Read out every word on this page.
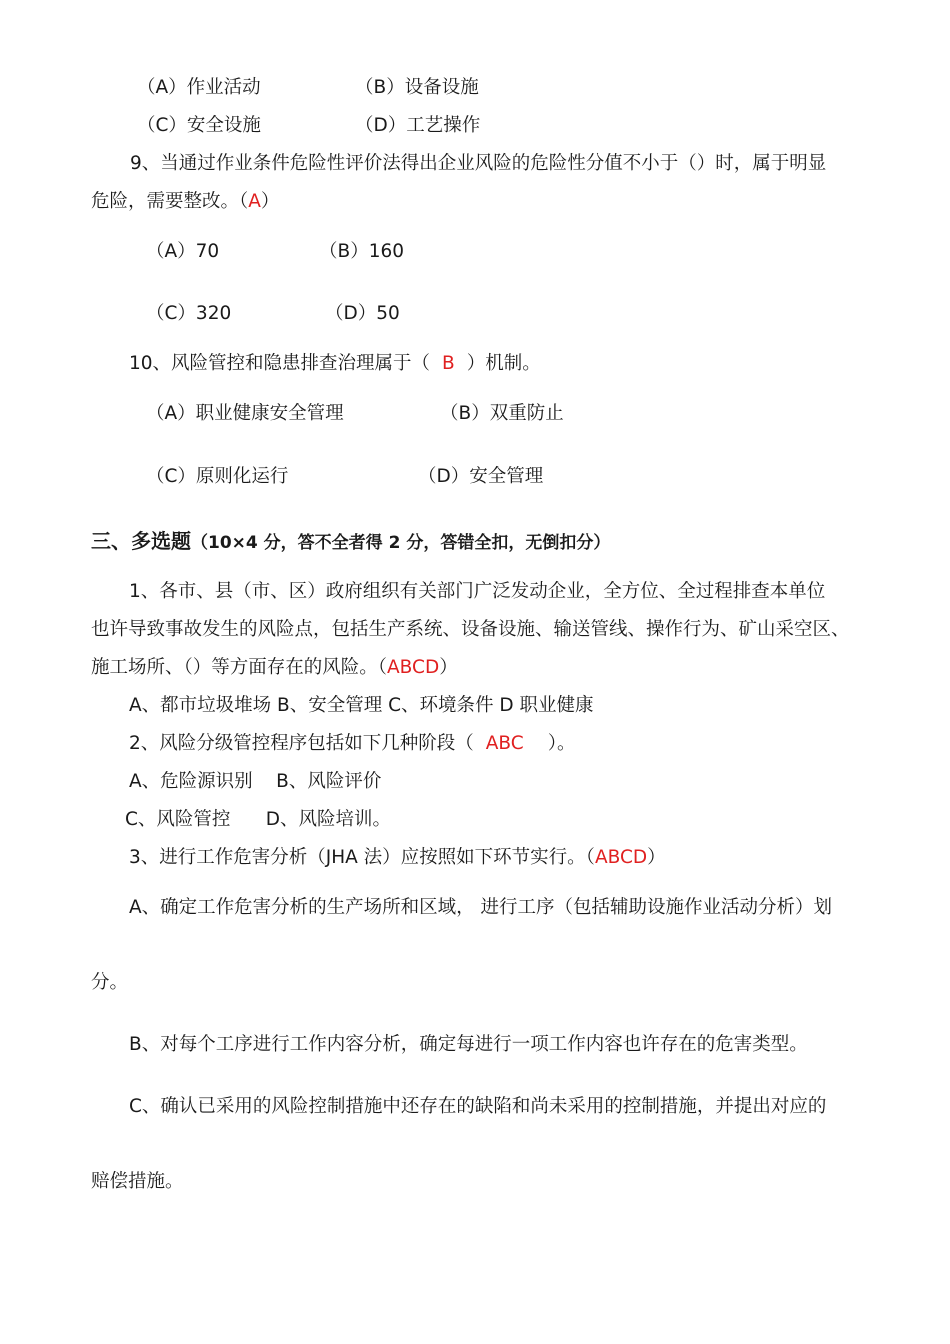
（A）作业活动	（B）设备设施
（C）安全设施	（D）工艺操作
9、当通过作业条件危险性评价法得出企业风险的危险性分值不小于（）时，属于明显
危险，需要整改。（A）
（A）70	（B）160
（C）320	（D）50
10、风险管控和隐患排查治理属于（ B ）机制。
（A）职业健康安全管理	（B）双重防止
（C）原则化运行	（D）安全管理
三、多选题（10×4 分，答不全者得 2 分，答错全扣，无倒扣分）
1、各市、县（市、区）政府组织有关部门广泛发动企业，全方位、全过程排查本单位
也许导致事故发生的风险点，包括生产系统、设备设施、输送管线、操作行为、矿山采空区、
施工场所、（）等方面存在的风险。（ABCD）
A、都市垃圾堆场 B、安全管理 C、环境条件 D 职业健康
2、风险分级管控程序包括如下几种阶段（ ABC ）。
A、危险源识别    B、风险评价
C、风险管控      D、风险培训。
3、进行工作危害分析（JHA 法）应按照如下环节实行。（ABCD）
A、确定工作危害分析的生产场所和区域， 进行工序（包括辅助设施作业活动分析）划
分。
B、对每个工序进行工作内容分析，确定每进行一项工作内容也许存在的危害类型。
C、确认已采用的风险控制措施中还存在的缺陷和尚未采用的控制措施，并提出对应的
赔偿措施。
